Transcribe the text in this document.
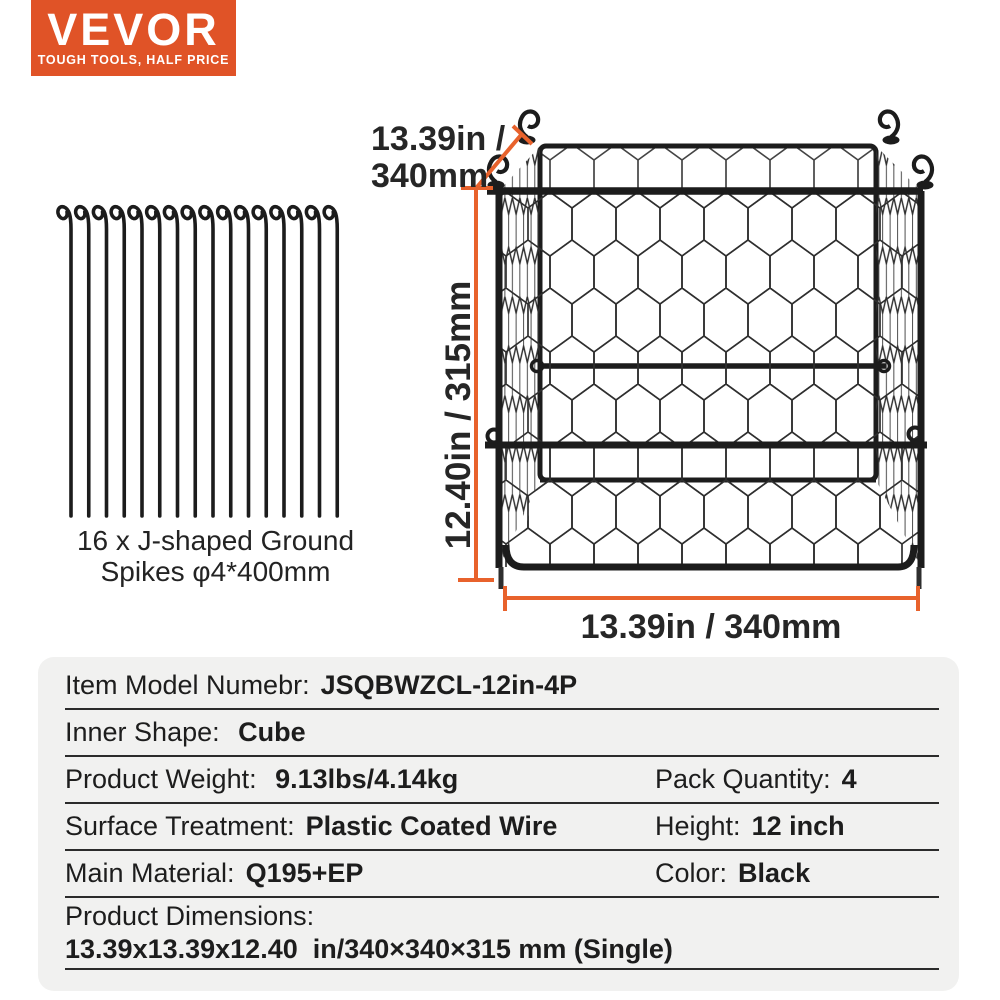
VEVOR
TOUGH TOOLS, HALF PRICE
13.39in /
340mm
12.40in / 315mm
13.39in / 340mm
16 x J-shaped Ground
Spikes φ4*400mm
Item Model Numebr: JSQBWZCL-12in-4P
Inner Shape: Cube
Product Weight: 9.13lbs/4.14kg	Pack Quantity: 4
Surface Treatment: Plastic Coated Wire	Height: 12 inch
Main Material: Q195+EP	Color: Black
Product Dimensions:
13.39x13.39x12.40  in/340×340×315 mm (Single)
